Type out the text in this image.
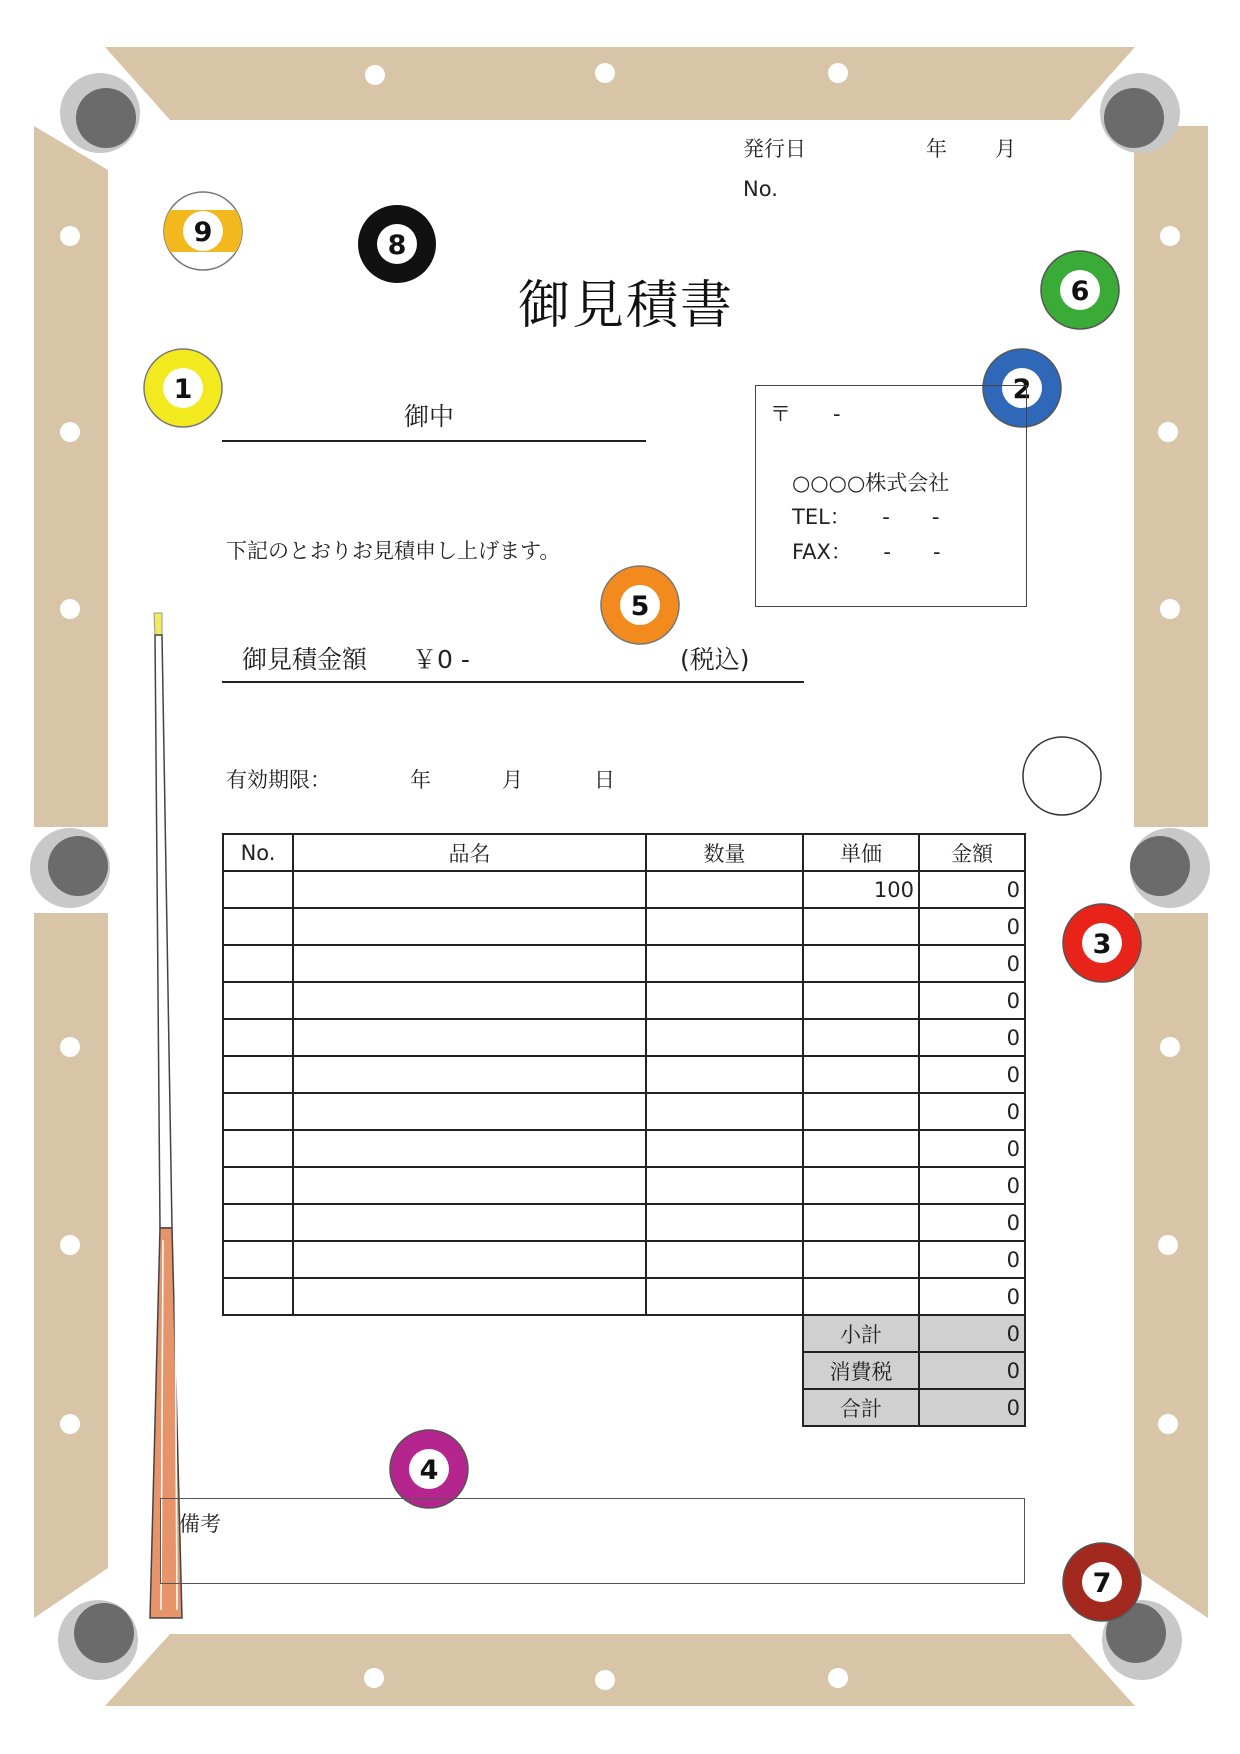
1	2
3
4
5
6
7
8
9
発行日	年 月
No.
御見積書
御中	〒　　-
○○○○株式会社
TEL：　　-　　-
FAX：　　-　　-
下記のとおりお見積申し上げます。
御見積金額 ￥0 -	(税込)
有効期限：	年	月	日
No.	品名	数量	単価	金額
			100	0
				0
				0
				0
				0
				0
				0
				0
				0
				0
				0
				0
			小計	0
			消費税	0
			合計	0
備考
